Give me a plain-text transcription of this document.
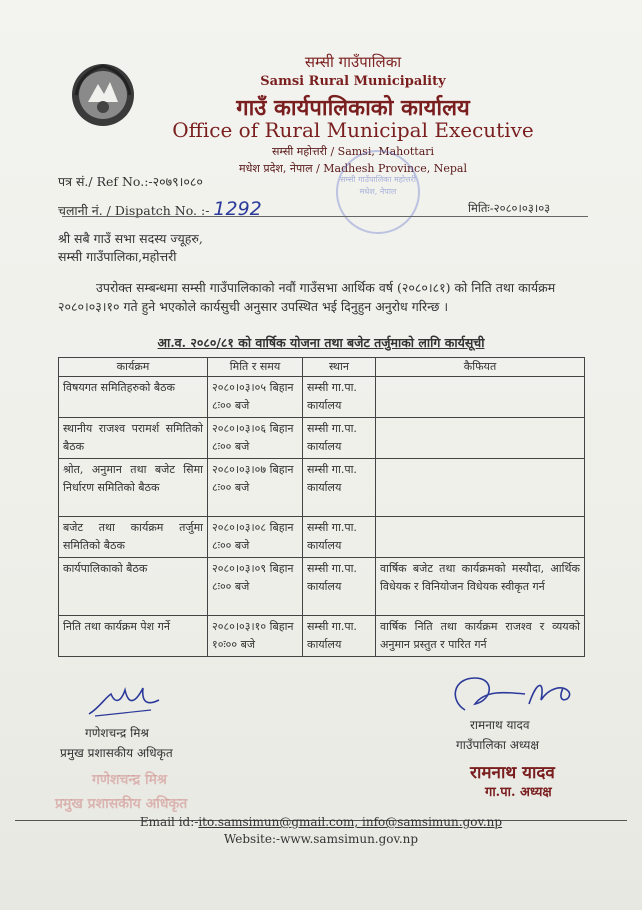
सम्सी गाउँपालिका
Samsi Rural Municipality
गाउँ कार्यपालिकाको कार्यालय
Office of Rural Municipal Executive
सम्सी महोत्तरी / Samsi, Mahottari
मधेश प्रदेश, नेपाल / Madhesh Province, Nepal
सम्सी गाउँपालिका महोत्तरी मधेश, नेपाल
पत्र सं./ Ref No.:-२०७९।०८०
चलानी नं. / Dispatch No. :- 1292	मितिः-२०८०।०३।०३
श्री सबै गाउँ सभा सदस्य ज्यूहरु,
सम्सी गाउँपालिका,महोत्तरी
उपरोक्त सम्बन्धमा सम्सी गाउँपालिकाको नवौं गाउँसभा आर्थिक वर्ष (२०८०।८१) को निति तथा कार्यक्रम
२०८०।०३।१० गते हुने भएकोले कार्यसुची अनुसार उपस्थित भई दिनुहुन अनुरोध गरिन्छ ।
आ.व. २०८०/८१ को वार्षिक योजना तथा बजेट तर्जुमाको लागि कार्यसूची
कार्यक्रम	मिति र समय	स्थान	कैफियत
विषयगत समितिहरुको बैठक	२०८०।०३।०५ बिहान ८ः०० बजे	सम्सी गा.पा. कार्यालय	
स्थानीय राजश्व परामर्श समितिको बैठक	२०८०।०३।०६ बिहान ८ः०० बजे	सम्सी गा.पा. कार्यालय	
श्रोत, अनुमान तथा बजेट सिमा निर्धारण समितिको बैठक	२०८०।०३।०७ बिहान ८ः०० बजे	सम्सी गा.पा. कार्यालय	
बजेट तथा कार्यक्रम तर्जुमा समितिको बैठक	२०८०।०३।०८ बिहान ८ः०० बजे	सम्सी गा.पा. कार्यालय	
कार्यपालिकाको बैठक	२०८०।०३।०९ बिहान ८ः०० बजे	सम्सी गा.पा. कार्यालय	वार्षिक बजेट तथा कार्यक्रमको मस्यौदा, आर्थिक विधेयक र विनियोजन विधेयक स्वीकृत गर्न
निति तथा कार्यक्रम पेश गर्ने	२०८०।०३।१० बिहान १०ः०० बजे	सम्सी गा.पा. कार्यालय	वार्षिक निति तथा कार्यक्रम राजश्व र व्ययको अनुमान प्रस्तुत र पारित गर्न
गणेशचन्द्र मिश्र
प्रमुख प्रशासकीय अधिकृत
गणेशचन्द्र मिश्र
प्रमुख प्रशासकीय अधिकृत
रामनाथ यादव
गाउँपालिका अध्यक्ष
रामनाथ यादव
गा.पा. अध्यक्ष
Email id:-ito.samsimun@gmail.com, info@samsimun.gov.np
Website:-www.samsimun.gov.np
